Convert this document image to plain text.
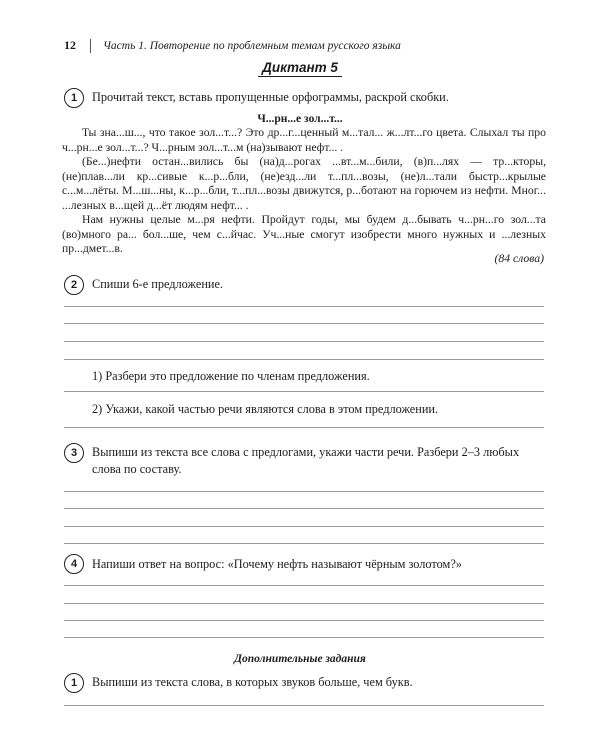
12 Часть 1. Повторение по проблемным темам русского языка
Диктант 5
1	Прочитай текст, вставь пропущенные орфограммы, раскрой скобки.
Ч...рн...е зол...т...

Ты зна...ш..., что такое зол...т...? Это др...г...ценный м...тал... ж...лт...го цвета. Слыхал ты про ч...рн...е зол...т...? Ч...рным зол...т...м (на)зывают нефт... .

(Бе...)нефти остан...вились бы (на)д...рогах ...вт...м...били, (в)п...лях — тр...кторы, (не)плав...ли кр...сивые к...р...бли, (не)езд...ли т...пл...возы, (не)л...тали быстр...крылые с...м...лёты. М...ш...ны, к...р...бли, т...пл...возы движутся, р...ботают на горючем из нефти. Мног... ...лезных в...щей д...ёт людям нефт... .

Нам нужны целые м...ря нефти. Пройдут годы, мы будем д...бывать ч...рн...го зол...та (во)много ра... бол...ше, чем с...йчас. Уч...ные смогут изобрести много нужных и ...лезных пр...дмет...в.

(84 слова)
2	Спиши 6-е предложение.
1) Разбери это предложение по членам предложения.
2) Укажи, какой частью речи являются слова в этом предложении.
3	Выпиши из текста все слова с предлогами, укажи части речи. Разбери 2–3 любых слова по составу.
4	Напиши ответ на вопрос: «Почему нефть называют чёрным золотом?»
Дополнительные задания
1	Выпиши из текста слова, в которых звуков больше, чем букв.
